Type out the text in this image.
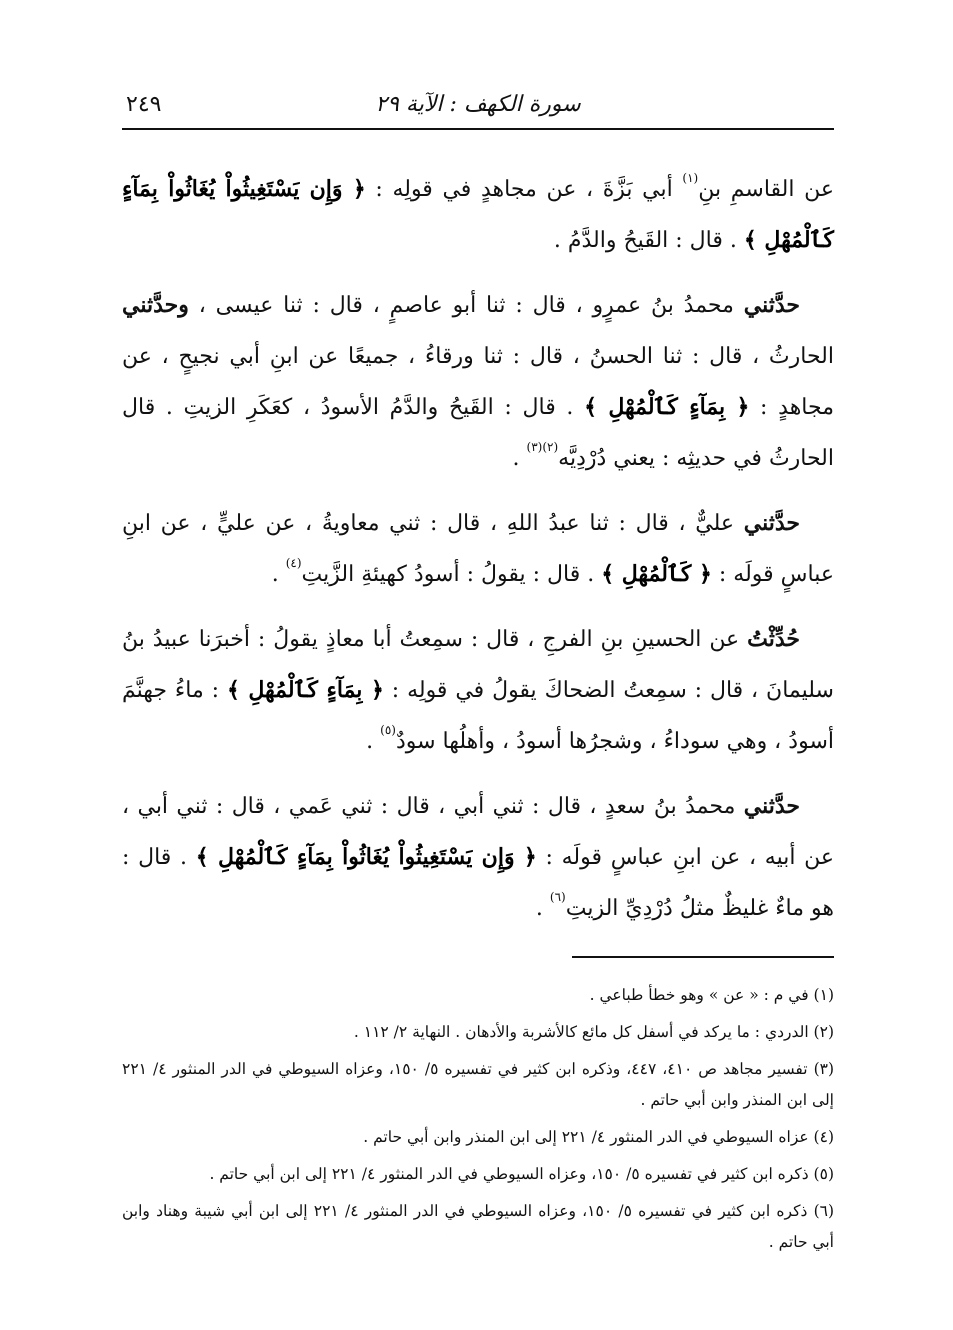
سورة الكهف : الآية ٢٩
٢٤٩

عن القاسمِ بنِ$^{(١)}$ أبي بَزَّةَ ، عن مجاهدٍ في قولِه : ﴿ وَإِن يَسْتَغِيثُواْ يُغَاثُواْ بِمَآءٍ كَٱلْمُهْلِ ﴾ . قال : القَيحُ والدَّمُ .

حدَّثني محمدُ بنُ عمرٍو ، قال : ثنا أبو عاصمٍ ، قال : ثنا عيسى ، وحدَّثني الحارثُ ، قال : ثنا الحسنُ ، قال : ثنا ورقاءُ ، جميعًا عن ابنِ أبي نجيحٍ ، عن مجاهدٍ : ﴿ بِمَآءٍ كَٱلْمُهْلِ ﴾ . قال : القَيحُ والدَّمُ الأسودُ ، كعَكَرِ الزيتِ . قال الحارثُ في حديثِه : يعني دُرْدِيَّه$^{(٢)(٣)}$ .

حدَّثني عليٌّ ، قال : ثنا عبدُ اللهِ ، قال : ثني معاويةُ ، عن عليٍّ ، عن ابنِ عباسٍ قولَه : ﴿ كَٱلْمُهْلِ ﴾ . قال : يقولُ : أسودُ كهيئةِ الزَّيتِ$^{(٤)}$ .

حُدِّثْتُ عن الحسينِ بنِ الفرجِ ، قال : سمِعتُ أبا معاذٍ يقولُ : أخبرَنا عبيدُ بنُ سليمانَ ، قال : سمِعتُ الضحاكَ يقولُ في قولِه : ﴿ بِمَآءٍ كَٱلْمُهْلِ ﴾ : ماءُ جهنَّمَ أسودُ ، وهي سوداءُ ، وشجرُها أسودُ ، وأهلُها سودٌ$^{(٥)}$ .

حدَّثني محمدُ بنُ سعدٍ ، قال : ثني أبي ، قال : ثني عَمي ، قال : ثني أبي ، عن أبيه ، عن ابنِ عباسٍ قولَه : ﴿ وَإِن يَسْتَغِيثُواْ يُغَاثُواْ بِمَآءٍ كَٱلْمُهْلِ ﴾ . قال : هو ماءٌ غليظٌ مثلُ دُرْدِيِّ الزيتِ$^{(٦)}$ .

(١) في م : « عن » وهو خطأ طباعي .

(٢) الدردي : ما يركد في أسفل كل مائع كالأشربة والأدهان . النهاية ٢/ ١١٢ .

(٣) تفسير مجاهد ص ٤١٠، ٤٤٧، وذكره ابن كثير في تفسيره ٥/ ١٥٠، وعزاه السيوطي في الدر المنثور ٤/ ٢٢١ إلى ابن المنذر وابن أبي حاتم .

(٤) عزاه السيوطي في الدر المنثور ٤/ ٢٢١ إلى ابن المنذر وابن أبي حاتم .

(٥) ذكره ابن كثير في تفسيره ٥/ ١٥٠، وعزاه السيوطي في الدر المنثور ٤/ ٢٢١ إلى ابن أبي حاتم .

(٦) ذكره ابن كثير في تفسيره ٥/ ١٥٠، وعزاه السيوطي في الدر المنثور ٤/ ٢٢١ إلى ابن أبي شيبة وهناد وابن أبي حاتم .
